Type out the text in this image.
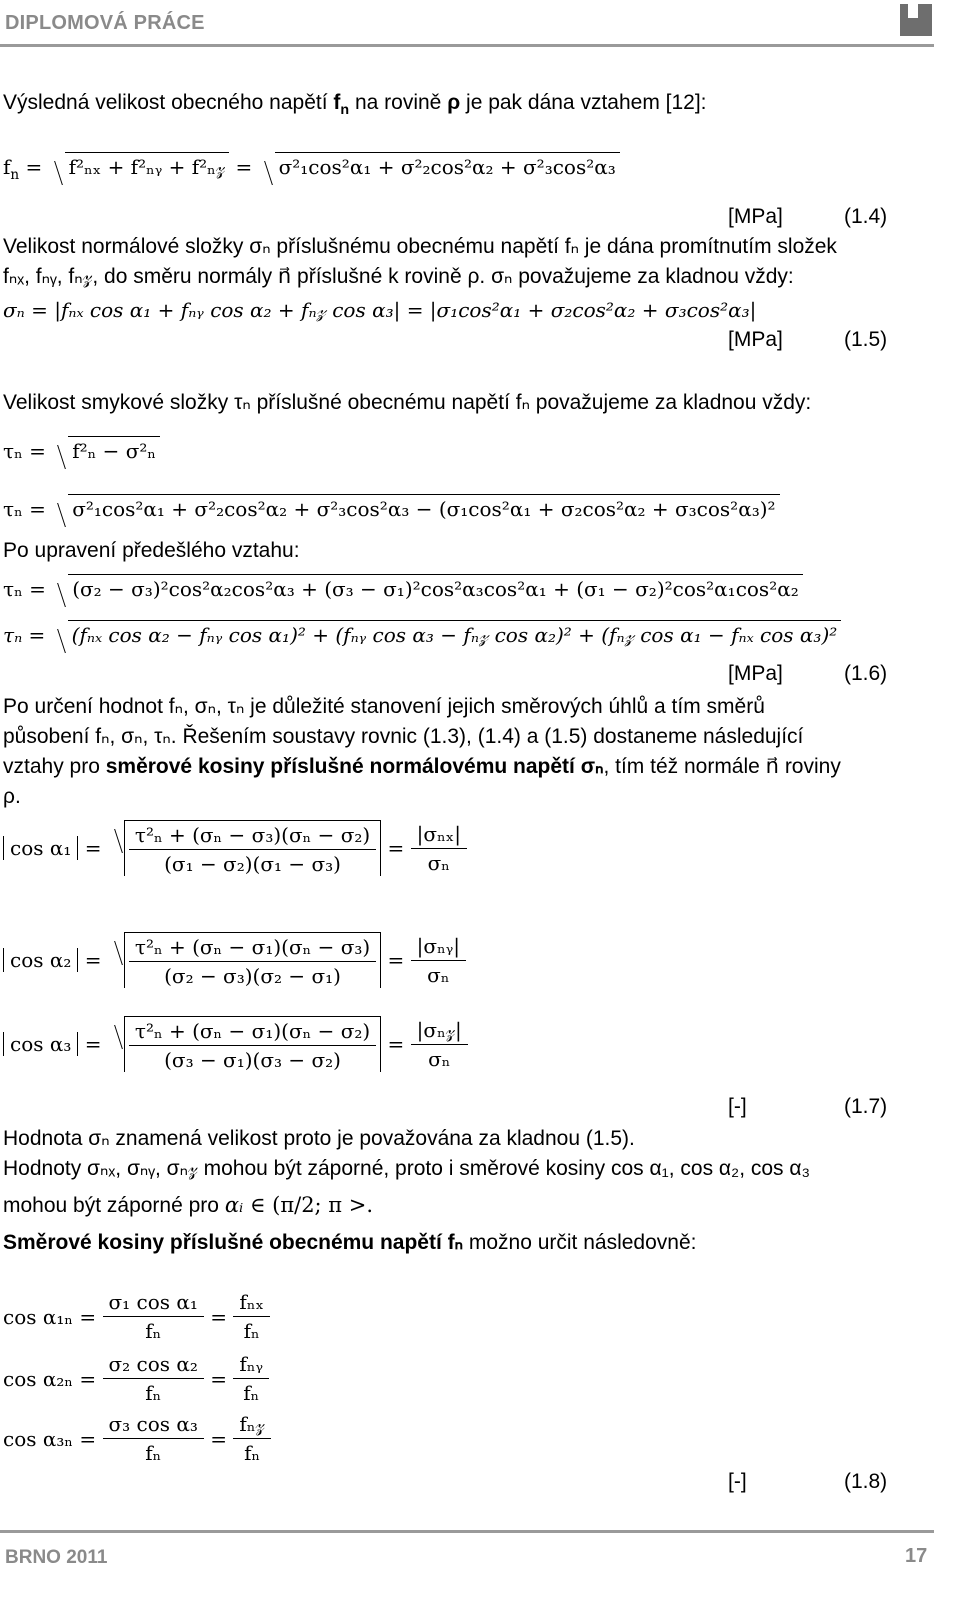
DIPLOMOVÁ PRÁCE
Výsledná velikost obecného napětí $f_n$ na rovině ρ je pak dána vztahem [12]:
$f_n = f^2_{nx}$ + f²ₙᵧ + f²ₙ𝓏 = σ²₁cos²α₁ + σ²₂cos²α₂ + σ²₃cos²α₃
[MPa]	(1.4)
Velikost normálové složky σₙ příslušnému obecnému napětí fₙ je dána promítnutím složek
fₙₓ, fₙᵧ, fₙ𝓏, do směru normály n⃗ příslušné k rovině ρ. σₙ považujeme za kladnou vždy:
σₙ = |fₙₓ cos α₁ + fₙᵧ cos α₂ + fₙ𝓏 cos α₃| = |σ₁cos²α₁ + σ₂cos²α₂ + σ₃cos²α₃|
[MPa]	(1.5)
Velikost smykové složky τₙ příslušné obecnému napětí fₙ považujeme za kladnou vždy:
τₙ = f²ₙ − σ²ₙ
τₙ = σ²₁cos²α₁ + σ²₂cos²α₂ + σ²₃cos²α₃ − (σ₁cos²α₁ + σ₂cos²α₂ + σ₃cos²α₃)²
Po upravení předešlého vztahu:
τₙ = (σ₂ − σ₃)²cos²α₂cos²α₃ + (σ₃ − σ₁)²cos²α₃cos²α₁ + (σ₁ − σ₂)²cos²α₁cos²α₂
τₙ = (fₙₓ cos α₂ − fₙᵧ cos α₁)² + (fₙᵧ cos α₃ − fₙ𝓏 cos α₂)² + (fₙ𝓏 cos α₁ − fₙₓ cos α₃)²
[MPa]	(1.6)
Po určení hodnot fₙ, σₙ, τₙ je důležité stanovení jejich směrových úhlů a tím směrů
působení fₙ, σₙ, τₙ. Řešením soustavy rovnic (1.3), (1.4) a (1.5) dostaneme následující
vztahy pro směrové kosiny příslušné normálovému napětí σₙ, tím též normále n⃗ roviny
ρ.
$\cos \alpha_1 = \frac{\text{τ²ₙ + (σₙ − σ₃)(σₙ − σ₂)}}{\text{(σ₁ − σ₂)(σ₁ − σ₃)}} = \frac{\text{|σₙₓ|}}{\text{σₙ}}$
$\cos \alpha_2 = \frac{\text{τ²ₙ + (σₙ − σ₁)(σₙ − σ₃)}}{\text{(σ₂ − σ₃)(σ₂ − σ₁)}} = \frac{\text{|σₙᵧ|}}{\text{σₙ}}$
$\cos \alpha_3 = \frac{\text{τ²ₙ + (σₙ − σ₁)(σₙ − σ₂)}}{\text{(σ₃ − σ₁)(σ₃ − σ₂)}} = \frac{\text{|σₙ𝓏|}}{\text{σₙ}}$
[-]	(1.7)
Hodnota σₙ znamená velikost proto je považována za kladnou (1.5).
Hodnoty σₙₓ, σₙᵧ, σₙ𝓏 mohou být záporné, proto i směrové kosiny cos α₁, cos α₂, cos α₃
mohou být záporné pro αᵢ ∈ (π/2; π >.
Směrové kosiny příslušné obecnému napětí fₙ možno určit následovně:
cos α₁ₙ =
$\frac{\text{σ₁ cos α₁}}{\text{fₙ}} = \frac{\text{fₙₓ}}{\text{fₙ}}$
cos α₂ₙ =
$\frac{\text{σ₂ cos α₂}}{\text{fₙ}} = \frac{\text{fₙᵧ}}{\text{fₙ}}$
cos α₃ₙ =
$\frac{\text{σ₃ cos α₃}}{\text{fₙ}} = \frac{\text{fₙ𝓏}}{\text{fₙ}}$
[-]	(1.8)
BRNO 2011	17
